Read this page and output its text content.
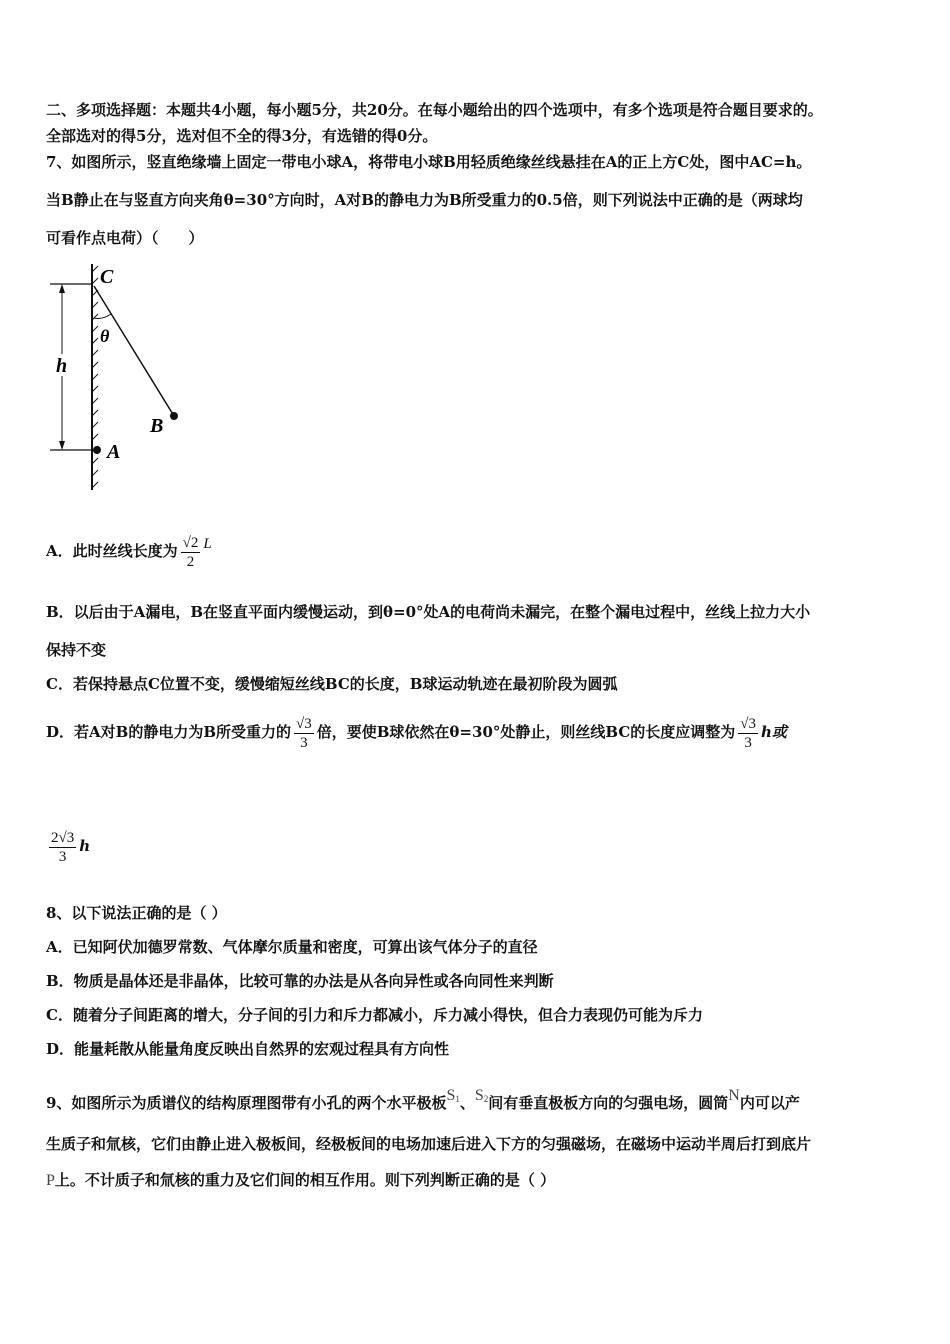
二、多项选择题：本题共4小题，每小题5分，共20分。在每小题给出的四个选项中，有多个选项是符合题目要求的。
全部选对的得5分，选对但不全的得3分，有选错的得0分。
7、如图所示，竖直绝缘墙上固定一带电小球A，将带电小球B用轻质绝缘丝线悬挂在A的正上方C处，图中AC=h。
当B静止在与竖直方向夹角θ=30°方向时，A对B的静电力为B所受重力的0.5倍，则下列说法中正确的是（两球均
可看作点电荷）（　　）
h
C
θ
B
A
A．此时丝线长度为 $\frac{√2}{2}$ L
B．以后由于A漏电，B在竖直平面内缓慢运动，到θ=0°处A的电荷尚未漏完，在整个漏电过程中，丝线上拉力大小
保持不变
C．若保持悬点C位置不变，缓慢缩短丝线BC的长度，B球运动轨迹在最初阶段为圆弧
D．若A对B的静电力为B所受重力的 $\frac{√3}{3}$ 倍，要使B球依然在θ=30°处静止，则丝线BC的长度应调整为 $\frac{√3}{3}$ h或
$\frac{2√3}{3}$ h
8、以下说法正确的是（ ）
A．已知阿伏加德罗常数、气体摩尔质量和密度，可算出该气体分子的直径
B．物质是晶体还是非晶体，比较可靠的办法是从各向异性或各向同性来判断
C．随着分子间距离的增大，分子间的引力和斥力都减小，斥力减小得快，但合力表现仍可能为斥力
D．能量耗散从能量角度反映出自然界的宏观过程具有方向性
9、如图所示为质谱仪的结构原理图带有小孔的两个水平极板$S_1$、$S_2$间有垂直极板方向的匀强电场，圆筒N内可以产
生质子和氚核，它们由静止进入极板间，经极板间的电场加速后进入下方的匀强磁场，在磁场中运动半周后打到底片
P上。不计质子和氚核的重力及它们间的相互作用。则下列判断正确的是（ ）
